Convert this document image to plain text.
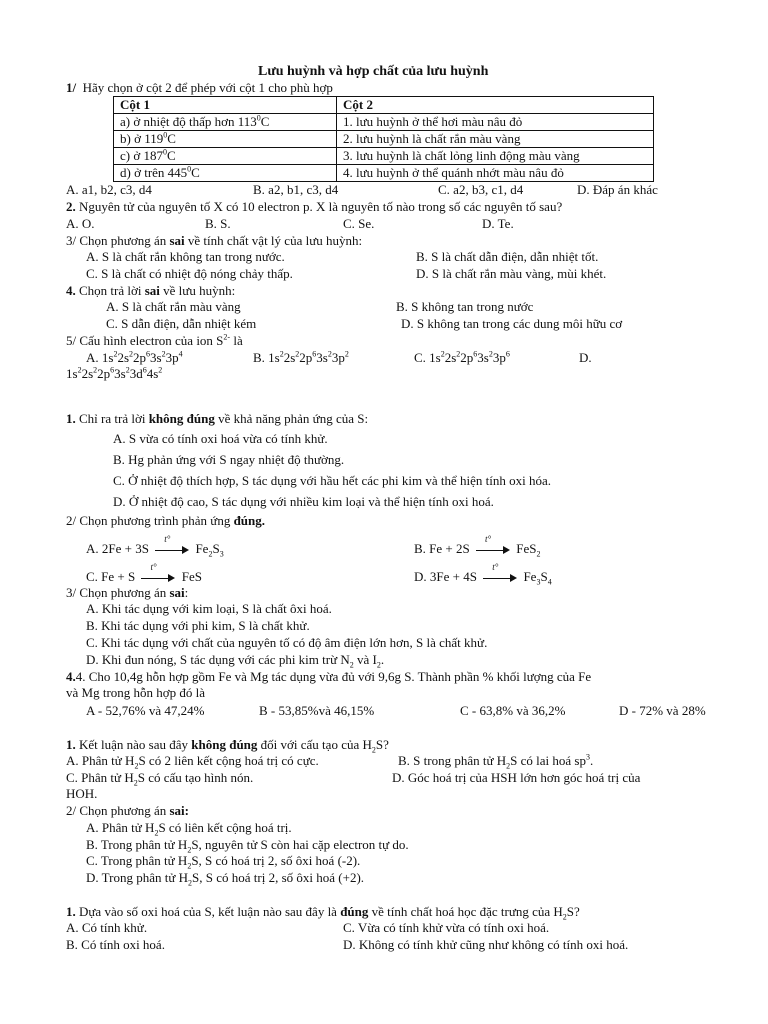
Lưu huỳnh và hợp chất của lưu huỳnh
1/ Hãy chọn ở cột 2 để phép với cột 1 cho phù hợp
Cột 1	Cột 2
a) ở nhiệt độ thấp hơn $113^0C$	1. lưu huỳnh ở thể hơi màu nâu đỏ
b) ở $119^0C$	2. lưu huỳnh là chất rắn màu vàng
c) ở $187^0C$	3. lưu huỳnh là chất lỏng linh động màu vàng
d) ở trên $445^0C$	4. lưu huỳnh ở thể quánh nhớt màu nâu đỏ
A. a1, b2, c3, d4	B. a2, b1, c3, d4	C. a2, b3, c1, d4	D. Đáp án khác
2. Nguyên tử của nguyên tố X có 10 electron p. X là nguyên tố nào trong số các nguyên tố sau?
A. O.	B. S.	C. Se.	D. Te.
3/ Chọn phương án sai về tính chất vật lý của lưu huỳnh:
A. S là chất rắn không tan trong nước.	B. S là chất dẫn điện, dẫn nhiệt tốt.
C. S là chất có nhiệt độ nóng chảy thấp.	D. S là chất rắn màu vàng, mùi khét.
4. Chọn trả lời sai về lưu huỳnh:
A. S là chất rắn màu vàng	B. S không tan trong nước
C. S dẫn điện, dẫn nhiệt kém	D. S không tan trong các dung môi hữu cơ
5/ Cấu hình electron của ion $S^{2-}$ là
A. $1s^22s^22p^63s^23p^4$	B. $1s^22s^22p^63s^23p^2$	C. $1s^22s^22p^63s^23p^6$	D.
$1s^22s^22p^63s^23d^64s^2$
1. Chỉ ra trả lời không đúng về khả năng phản ứng của S:
A. S vừa có tính oxi hoá vừa có tính khử.
B. Hg phản ứng với S ngay nhiệt độ thường.
C. Ở nhiệt độ thích hợp, S tác dụng với hầu hết các phi kim và thể hiện tính oxi hóa.
D. Ở nhiệt độ cao, S tác dụng với nhiều kim loại và thể hiện tính oxi hoá.
2/ Chọn phương trình phản ứng đúng.
A. 2Fe + 3S
t°
$Fe_2S_3$	B. Fe + 2S
t°
FeS$_2$
C. Fe + S
t°
FeS	D. 3Fe + 4S
t°
$Fe_3S_4$
3/ Chọn phương án sai:
A. Khi tác dụng với kim loại, S là chất ôxi hoá.
B. Khi tác dụng với phi kim, S là chất khử.
C. Khi tác dụng với chất của nguyên tố có độ âm điện lớn hơn, S là chất khử.
D. Khi đun nóng, S tác dụng với các phi kim trừ $N_2$ và $I_2$.
4.4. Cho 10,4g hỗn hợp gồm Fe và Mg tác dụng vừa đủ với 9,6g S. Thành phần % khối lượng của Fe
và Mg trong hỗn hợp đó là
A - 52,76% và 47,24%	B - 53,85%và 46,15%	C - 63,8% và 36,2%	D - 72% và 28%
1. Kết luận nào sau đây không đúng đối với cấu tạo của $H_2S$?
A. Phân tử $H_2S$ có 2 liên kết cộng hoá trị có cực.	B. S trong phân tử $H_2S$ có lai hoá $sp^3$.
C. Phân tử $H_2S$ có cấu tạo hình nón.	D. Góc hoá trị của HSH lớn hơn góc hoá trị của
HOH.
2/ Chọn phương án sai:
A. Phân tử $H_2S$ có liên kết cộng hoá trị.
B. Trong phân tử $H_2S$, nguyên tử S còn hai cặp electron tự do.
C. Trong phân tử $H_2S$, S có hoá trị 2, số ôxi hoá (-2).
D. Trong phân tử $H_2S$, S có hoá trị 2, số ôxi hoá (+2).
1. Dựa vào số oxi hoá của S, kết luận nào sau đây là đúng về tính chất hoá học đặc trưng của $H_2S$?
A. Có tính khử.	C. Vừa có tính khử vừa có tính oxi hoá.
B. Có tính oxi hoá.	D. Không có tính khử cũng như không có tính oxi hoá.
